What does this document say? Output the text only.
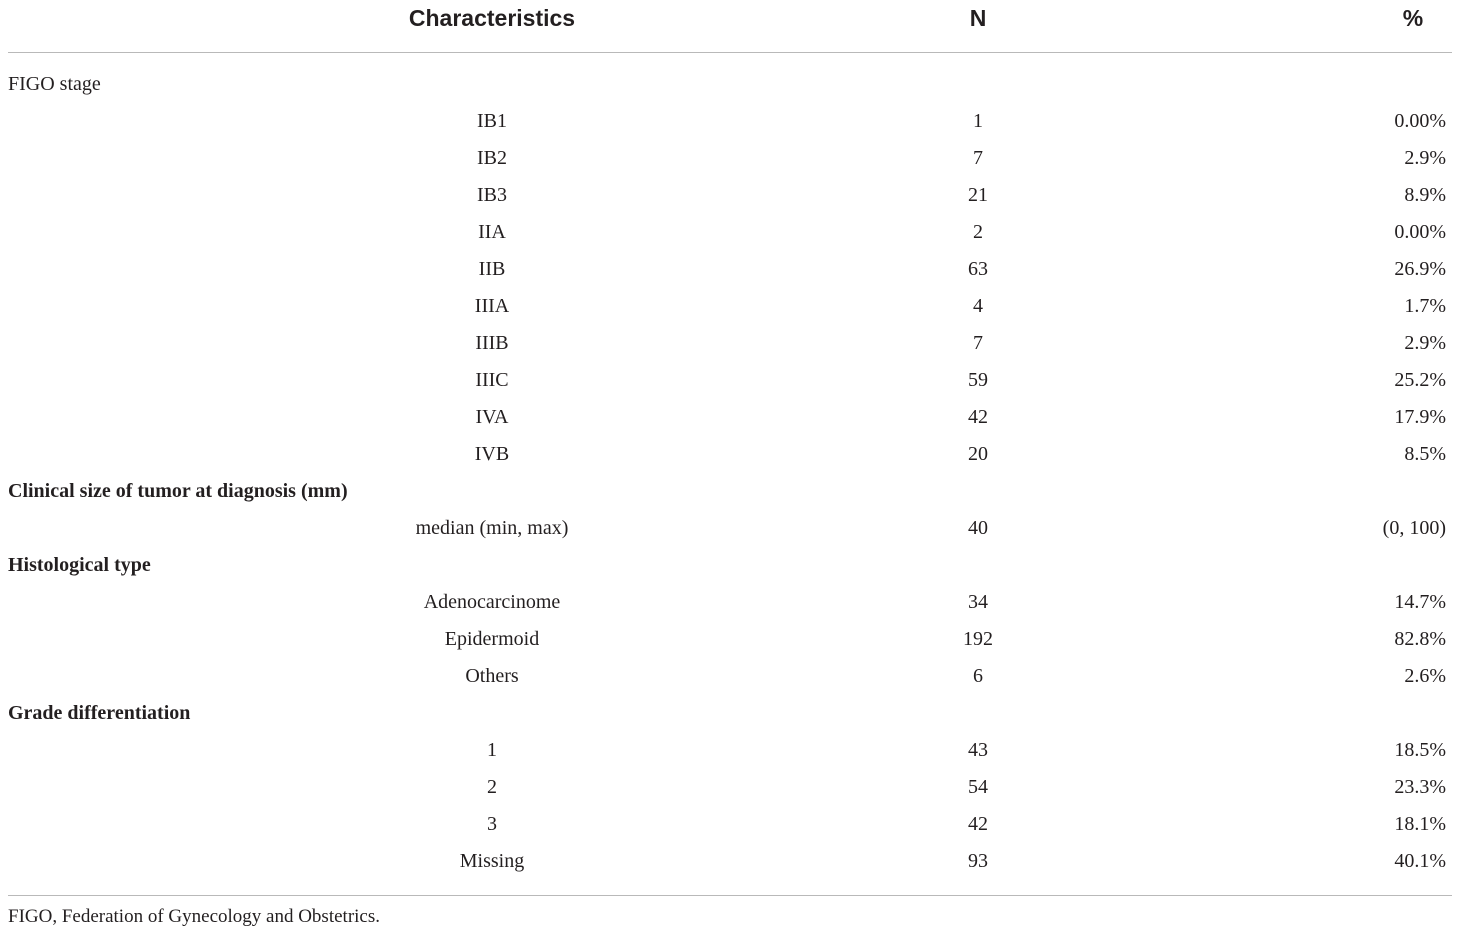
Characteristics	N	%
FIGO stage
IB1	1	0.00%
IB2	7	2.9%
IB3	21	8.9%
IIA	2	0.00%
IIB	63	26.9%
IIIA	4	1.7%
IIIB	7	2.9%
IIIC	59	25.2%
IVA	42	17.9%
IVB	20	8.5%
Clinical size of tumor at diagnosis (mm)
median (min, max)	40	(0, 100)
Histological type
Adenocarcinome	34	14.7%
Epidermoid	192	82.8%
Others	6	2.6%
Grade differentiation
1	43	18.5%
2	54	23.3%
3	42	18.1%
Missing	93	40.1%
FIGO, Federation of Gynecology and Obstetrics.
